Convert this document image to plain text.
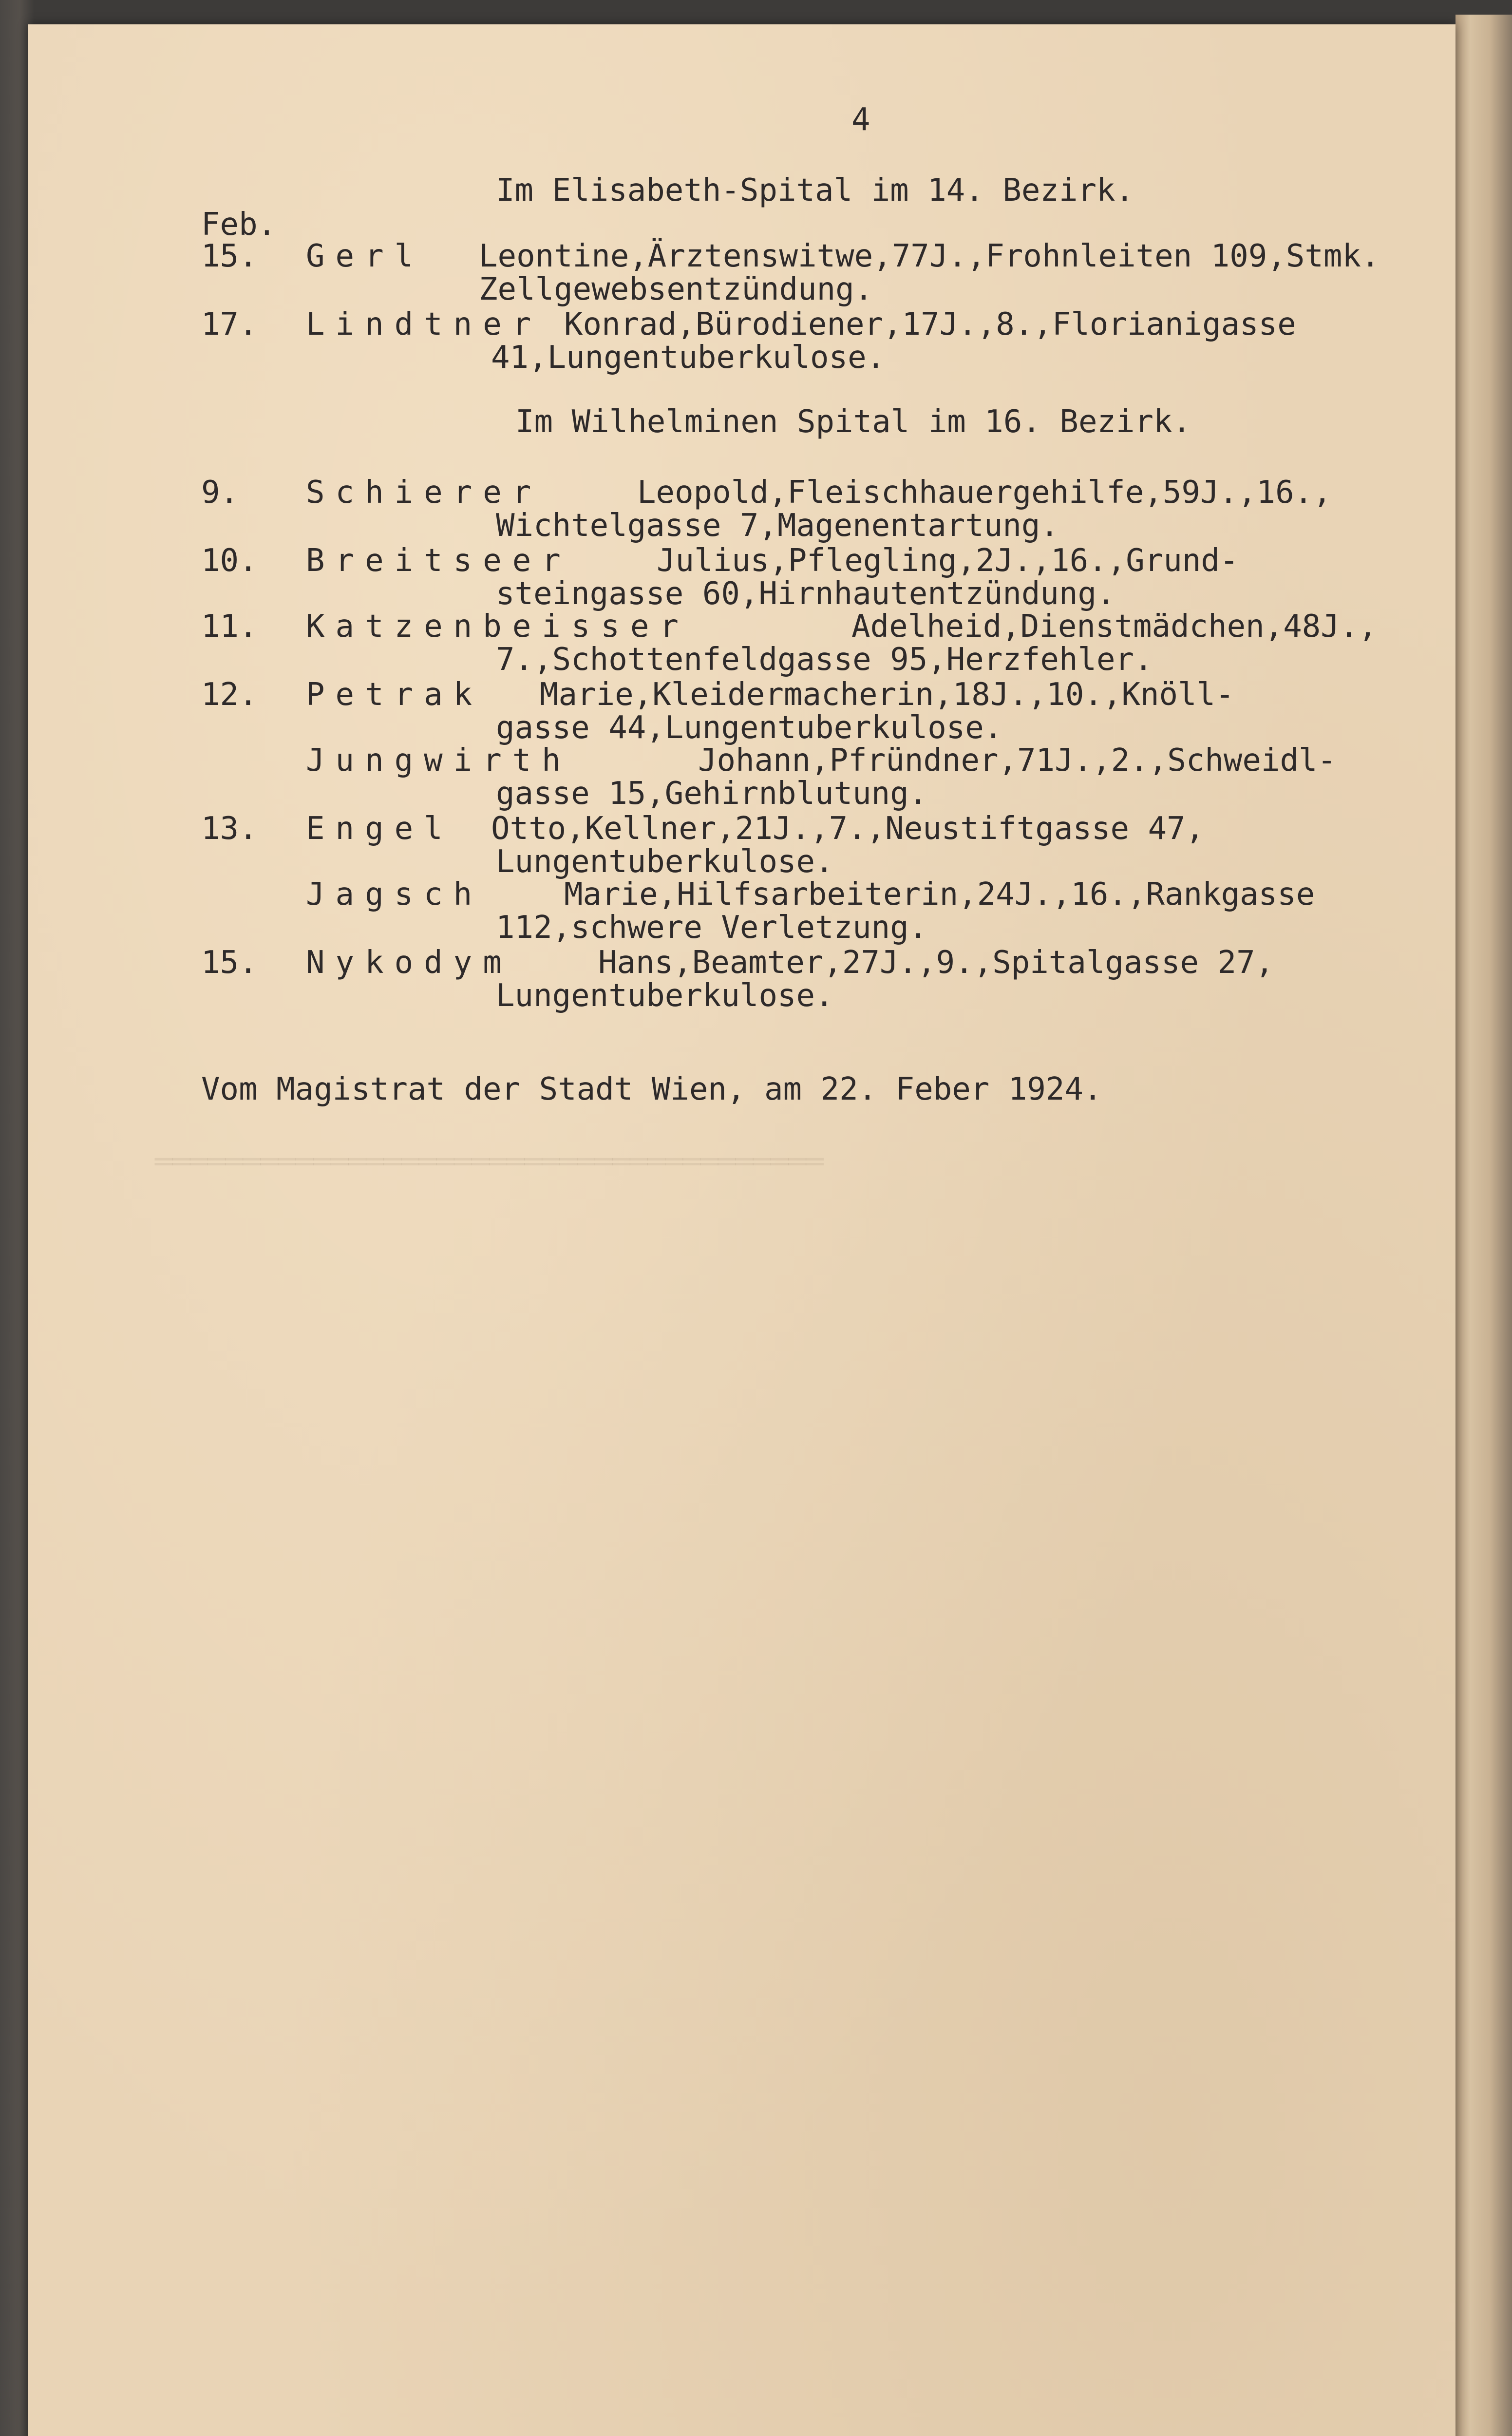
══════════════════════════════════════
4
Im Elisabeth-Spital im 14. Bezirk.
Feb.
15. Gerl Leontine,Ärztenswitwe,77J.,Frohnleiten 109,Stmk.
Zellgewebsentzündung.
17. Lindtner Konrad,Bürodiener,17J.,8.,Florianigasse
41,Lungentuberkulose.
Im Wilhelminen Spital im 16. Bezirk.
9. Schierer	Leopold,Fleischhauergehilfe,59J.,16.,
Wichtelgasse 7,Magenentartung.
10. Breitseer	Julius,Pflegling,2J.,16.,Grund-
steingasse 60,Hirnhautentzündung.
11. Katzenbeisser	Adelheid,Dienstmädchen,48J.,
7.,Schottenfeldgasse 95,Herzfehler.
12. Petrak Marie,Kleidermacherin,18J.,10.,Knöll-
gasse 44,Lungentuberkulose.
Jungwirth	Johann,Pfründner,71J.,2.,Schweidl-
gasse 15,Gehirnblutung.
13. Engel Otto,Kellner,21J.,7.,Neustiftgasse 47,
Lungentuberkulose.
Jagsch	Marie,Hilfsarbeiterin,24J.,16.,Rankgasse
112,schwere Verletzung.
15. Nykodym	Hans,Beamter,27J.,9.,Spitalgasse 27,
Lungentuberkulose.
Vom Magistrat der Stadt Wien, am 22. Feber 1924.
